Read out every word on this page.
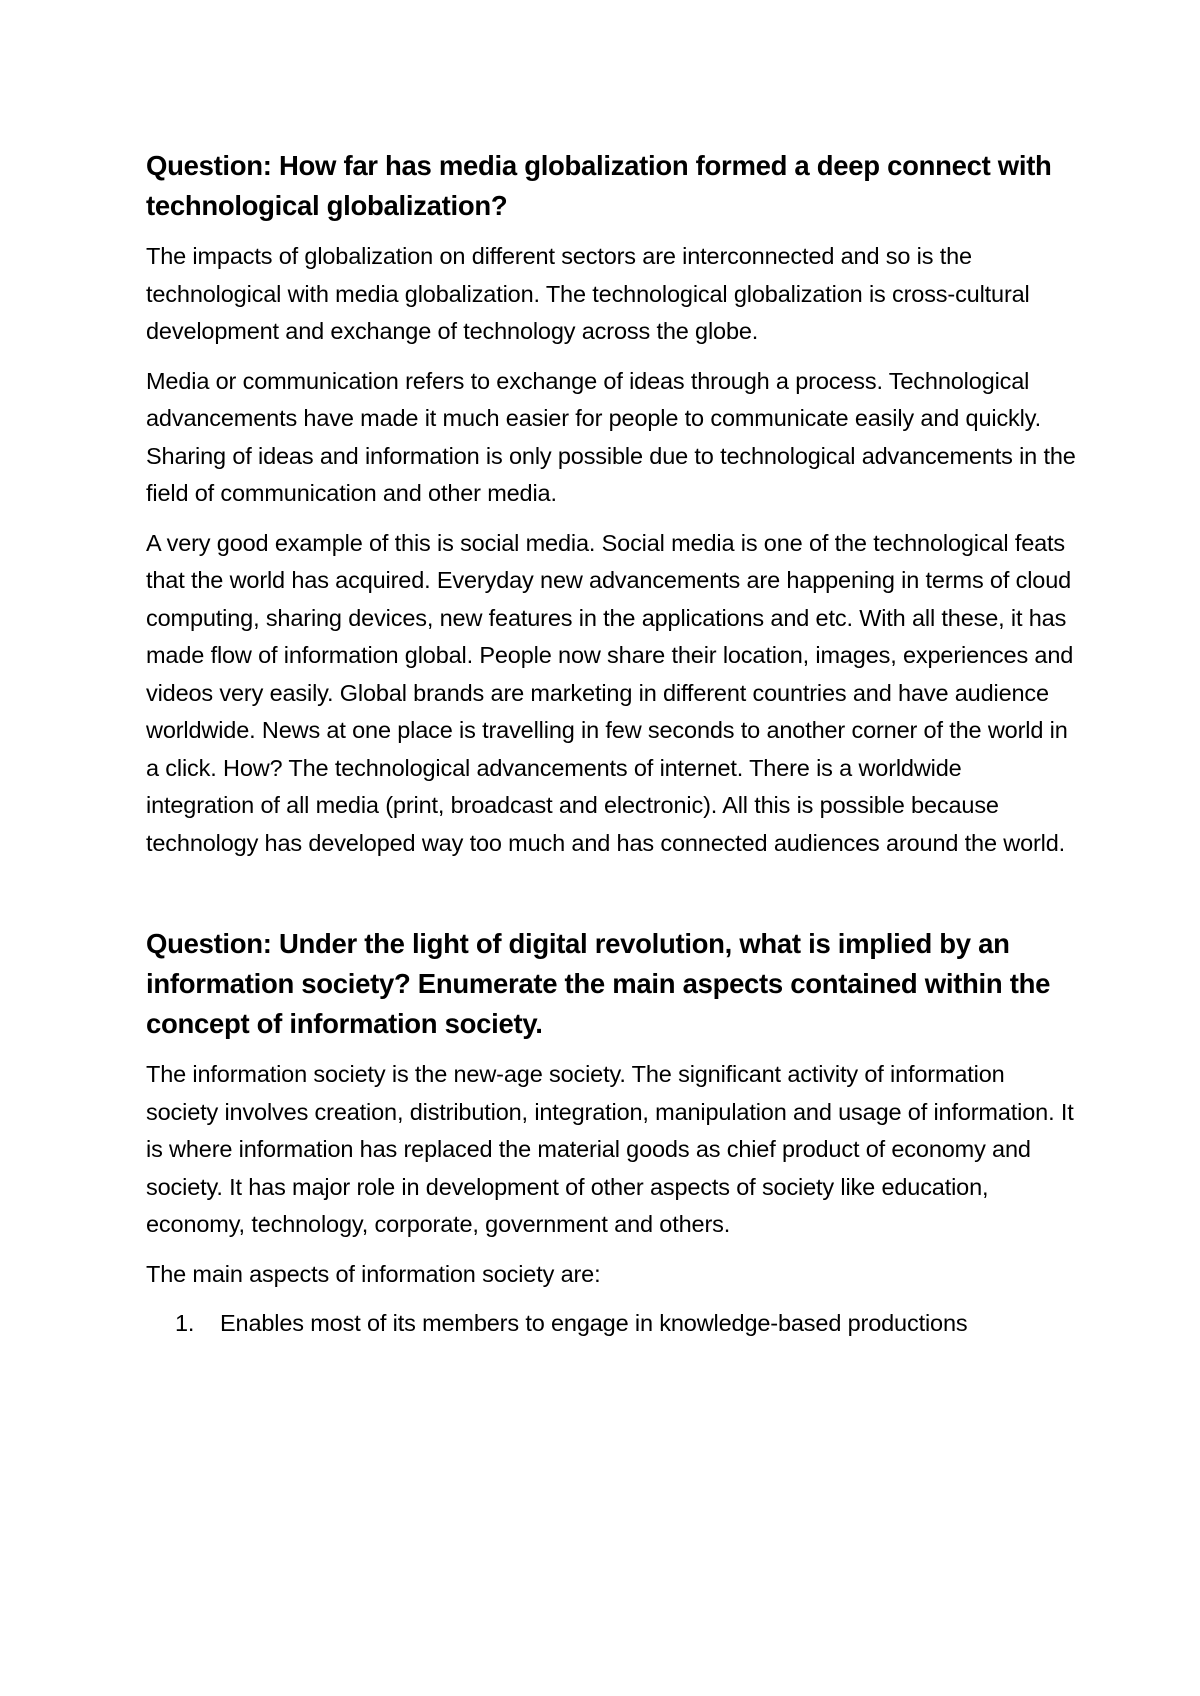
Question: How far has media globalization formed a deep connect with technological globalization?

The impacts of globalization on different sectors are interconnected and so is the technological with media globalization. The technological globalization is cross-cultural development and exchange of technology across the globe.

Media or communication refers to exchange of ideas through a process. Technological advancements have made it much easier for people to communicate easily and quickly. Sharing of ideas and information is only possible due to technological advancements in the field of communication and other media.

A very good example of this is social media. Social media is one of the technological feats that the world has acquired. Everyday new advancements are happening in terms of cloud computing, sharing devices, new features in the applications and etc. With all these, it has made flow of information global. People now share their location, images, experiences and videos very easily. Global brands are marketing in different countries and have audience worldwide. News at one place is travelling in few seconds to another corner of the world in a click. How? The technological advancements of internet. There is a worldwide integration of all media (print, broadcast and electronic). All this is possible because technology has developed way too much and has connected audiences around the world.

Question: Under the light of digital revolution, what is implied by an information society? Enumerate the main aspects contained within the concept of information society.

The information society is the new-age society. The significant activity of information society involves creation, distribution, integration, manipulation and usage of information. It is where information has replaced the material goods as chief product of economy and society. It has major role in development of other aspects of society like education, economy, technology, corporate, government and others.

The main aspects of information society are:

1.	Enables most of its members to engage in knowledge-based productions
